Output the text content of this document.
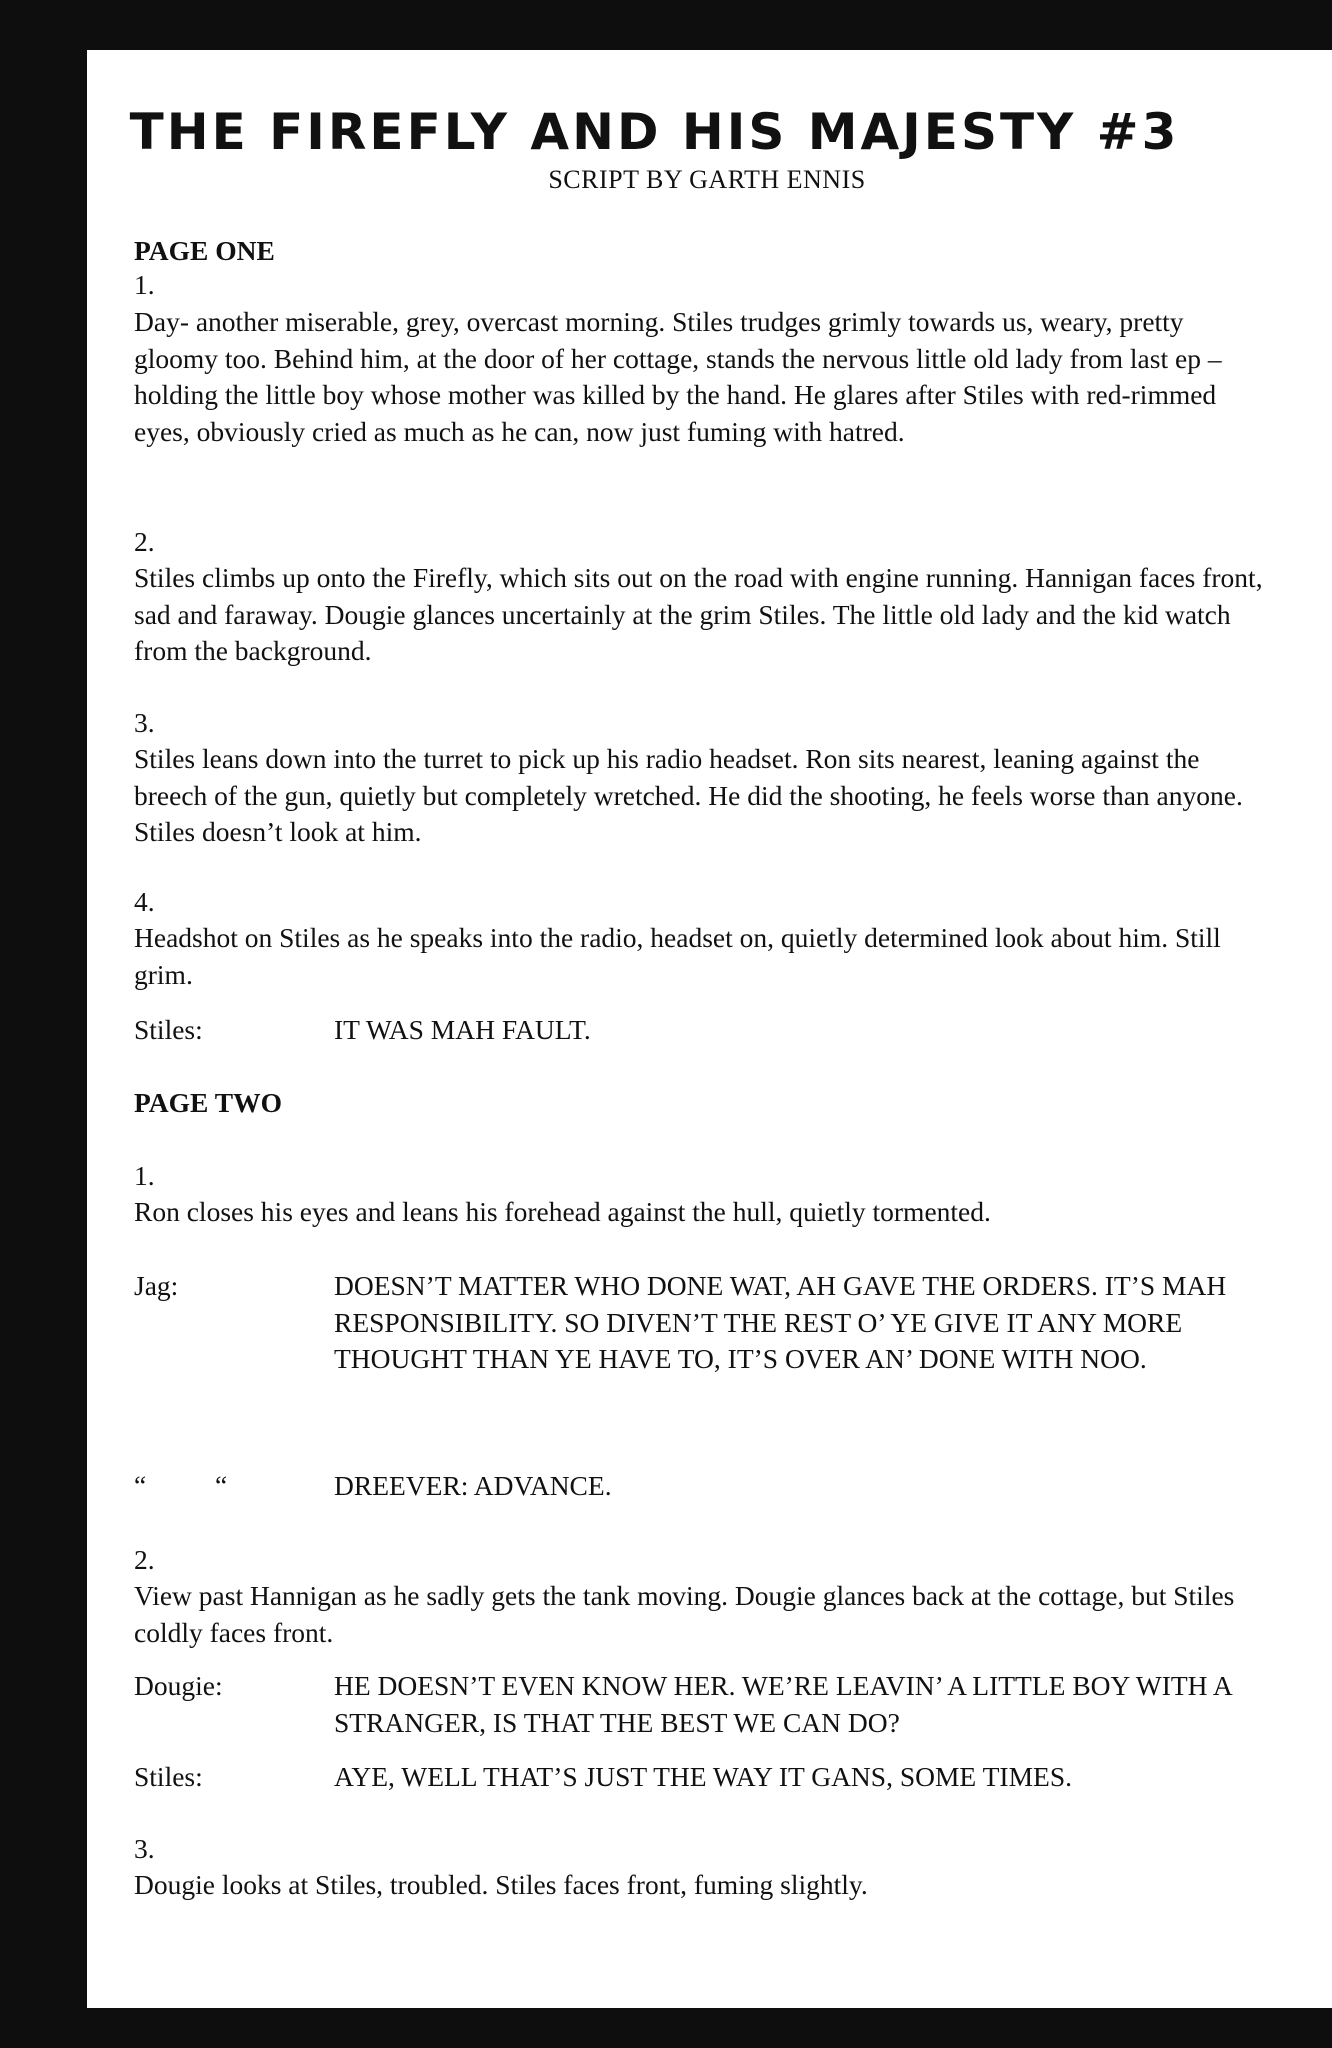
THE FIREFLY AND HIS MAJESTY #3
SCRIPT BY GARTH ENNIS
PAGE ONE
1.
Day- another miserable, grey, overcast morning. Stiles trudges grimly towards us, weary, pretty gloomy too. Behind him, at the door of her cottage, stands the nervous little old lady from last ep – holding the little boy whose mother was killed by the hand. He glares after Stiles with red-rimmed eyes, obviously cried as much as he can, now just fuming with hatred.
2.
Stiles climbs up onto the Firefly, which sits out on the road with engine running. Hannigan faces front, sad and faraway. Dougie glances uncertainly at the grim Stiles. The little old lady and the kid watch from the background.
3.
Stiles leans down into the turret to pick up his radio headset. Ron sits nearest, leaning against the breech of the gun, quietly but completely wretched. He did the shooting, he feels worse than anyone. Stiles doesn’t look at him.
4.
Headshot on Stiles as he speaks into the radio, headset on, quietly determined look about him. Still grim.
Stiles:	IT WAS MAH FAULT.
PAGE TWO
1.
Ron closes his eyes and leans his forehead against the hull, quietly tormented.
Jag:	DOESN’T MATTER WHO DONE WAT, AH GAVE THE ORDERS. IT’S MAH RESPONSIBILITY. SO DIVEN’T THE REST O’ YE GIVE IT ANY MORE THOUGHT THAN YE HAVE TO, IT’S OVER AN’ DONE WITH NOO.
“          “	DREEVER: ADVANCE.
2.
View past Hannigan as he sadly gets the tank moving. Dougie glances back at the cottage, but Stiles coldly faces front.
Dougie:	HE DOESN’T EVEN KNOW HER. WE’RE LEAVIN’ A LITTLE BOY WITH A STRANGER, IS THAT THE BEST WE CAN DO?
Stiles:	AYE, WELL THAT’S JUST THE WAY IT GANS, SOME TIMES.
3.
Dougie looks at Stiles, troubled. Stiles faces front, fuming slightly.
